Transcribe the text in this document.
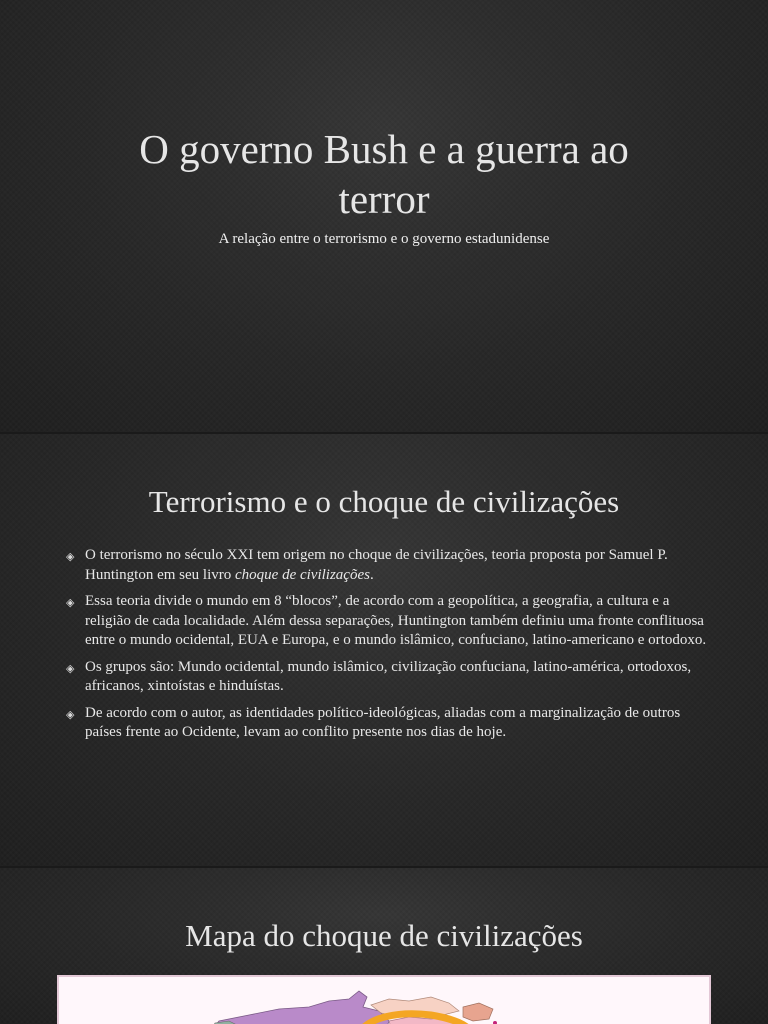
O governo Bush e a guerra ao terror
A relação entre o terrorismo e o governo estadunidense
Terrorismo e o choque de civilizações
◈ O terrorismo no século XXI tem origem no choque de civilizações, teoria proposta por Samuel P. Huntington em seu livro choque de civilizações.
◈ Essa teoria divide o mundo em 8 “blocos”, de acordo com a geopolítica, a geografia, a cultura e a religião de cada localidade. Além dessa separações, Huntington também definiu uma fronte conflituosa entre o mundo ocidental, EUA e Europa, e o mundo islâmico, confuciano, latino-americano e ortodoxo.
◈ Os grupos são: Mundo ocidental, mundo islâmico, civilização confuciana, latino-américa, ortodoxos, africanos, xintoístas e hinduístas.
◈ De acordo com o autor, as identidades político-ideológicas, aliadas com a marginalização de outros países frente ao Ocidente, levam ao conflito presente nos dias de hoje.
Mapa do choque de civilizações
